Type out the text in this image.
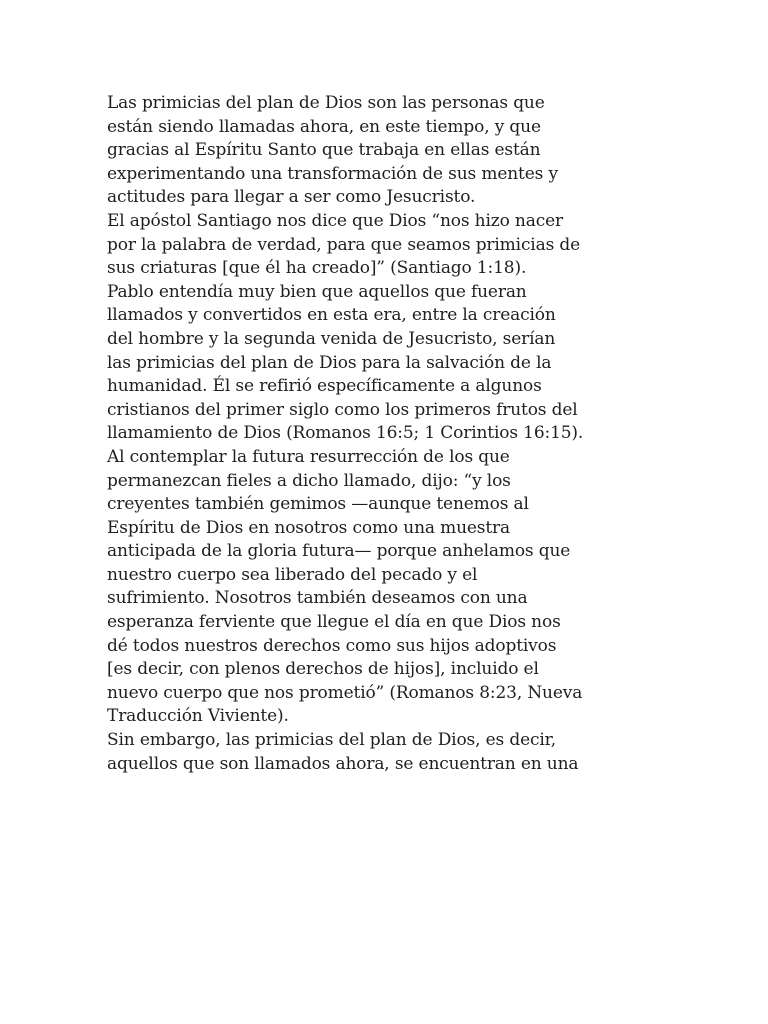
Las primicias del plan de Dios son las personas que
están siendo llamadas ahora, en este tiempo, y que
gracias al Espíritu Santo que trabaja en ellas están
experimentando una transformación de sus mentes y
actitudes para llegar a ser como Jesucristo.

El apóstol Santiago nos dice que Dios “nos hizo nacer
por la palabra de verdad, para que seamos primicias de
sus criaturas [que él ha creado]” (Santiago 1:18).

Pablo entendía muy bien que aquellos que fueran
llamados y convertidos en esta era, entre la creación
del hombre y la segunda venida de Jesucristo, serían
las primicias del plan de Dios para la salvación de la
humanidad. Él se refirió específicamente a algunos
cristianos del primer siglo como los primeros frutos del
llamamiento de Dios (Romanos 16:5; 1 Corintios 16:15).
Al contemplar la futura resurrección de los que
permanezcan fieles a dicho llamado, dijo: “y los
creyentes también gemimos —aunque tenemos al
Espíritu de Dios en nosotros como una muestra
anticipada de la gloria futura— porque anhelamos que
nuestro cuerpo sea liberado del pecado y el
sufrimiento. Nosotros también deseamos con una
esperanza ferviente que llegue el día en que Dios nos
dé todos nuestros derechos como sus hijos adoptivos
[es decir, con plenos derechos de hijos], incluido el
nuevo cuerpo que nos prometió” (Romanos 8:23, Nueva
Traducción Viviente).

Sin embargo, las primicias del plan de Dios, es decir,
aquellos que son llamados ahora, se encuentran en una
